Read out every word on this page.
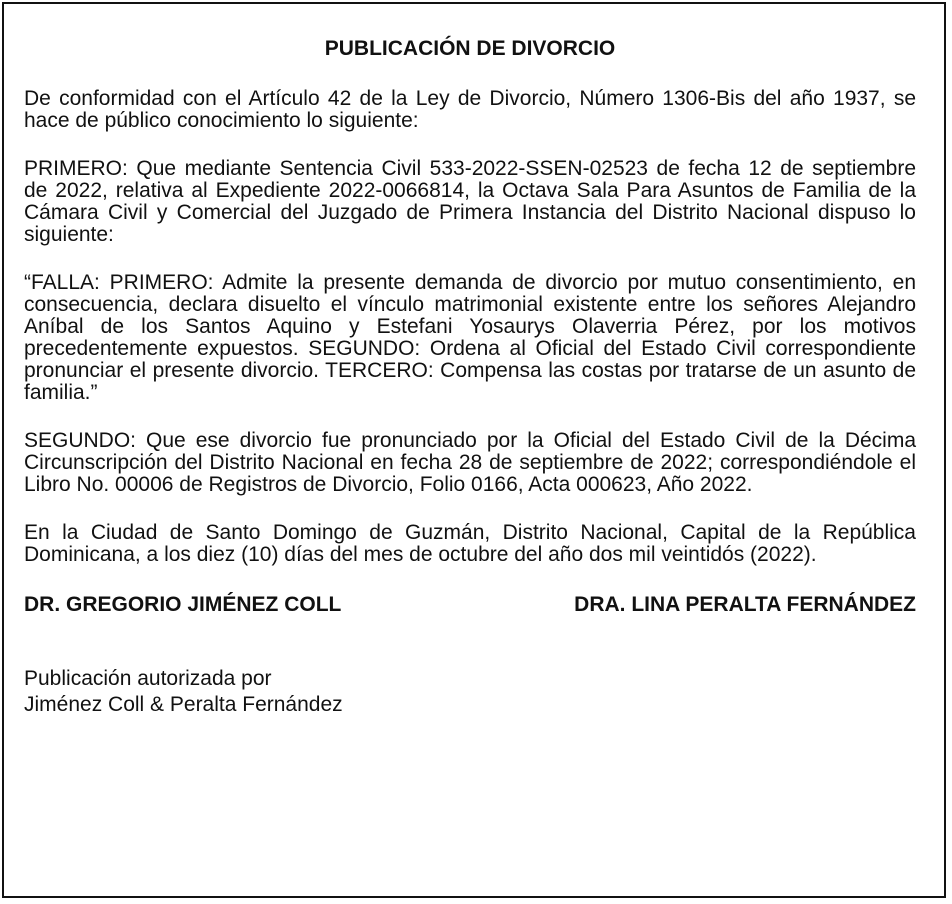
PUBLICACIÓN DE DIVORCIO

De conformidad con el Artículo 42 de la Ley de Divorcio, Número 1306-Bis del año 1937, se hace de público conocimiento lo siguiente:

PRIMERO: Que mediante Sentencia Civil 533-2022-SSEN-02523 de fecha 12 de septiembre de 2022, relativa al Expediente 2022-0066814, la Octava Sala Para Asuntos de Familia de la Cámara Civil y Comercial del Juzgado de Primera Instancia del Distrito Nacional dispuso lo siguiente:

“FALLA: PRIMERO: Admite la presente demanda de divorcio por mutuo consentimiento, en consecuencia, declara disuelto el vínculo matrimonial existente entre los señores Alejandro Aníbal de los Santos Aquino y Estefani Yosaurys Olaverria Pérez, por los motivos precedentemente expuestos. SEGUNDO: Ordena al Oficial del Estado Civil correspondiente pronunciar el presente divorcio. TERCERO: Compensa las costas por tratarse de un asunto de familia.”

SEGUNDO: Que ese divorcio fue pronunciado por la Oficial del Estado Civil de la Décima Circunscripción del Distrito Nacional en fecha 28 de septiembre de 2022; correspondiéndole el Libro No. 00006 de Registros de Divorcio, Folio 0166, Acta 000623, Año 2022.

En la Ciudad de Santo Domingo de Guzmán, Distrito Nacional, Capital de la República Dominicana, a los diez (10) días del mes de octubre del año dos mil veintidós (2022).

DR. GREGORIO JIMÉNEZ COLL	DRA. LINA PERALTA FERNÁNDEZ
Publicación autorizada por
Jiménez Coll & Peralta Fernández
